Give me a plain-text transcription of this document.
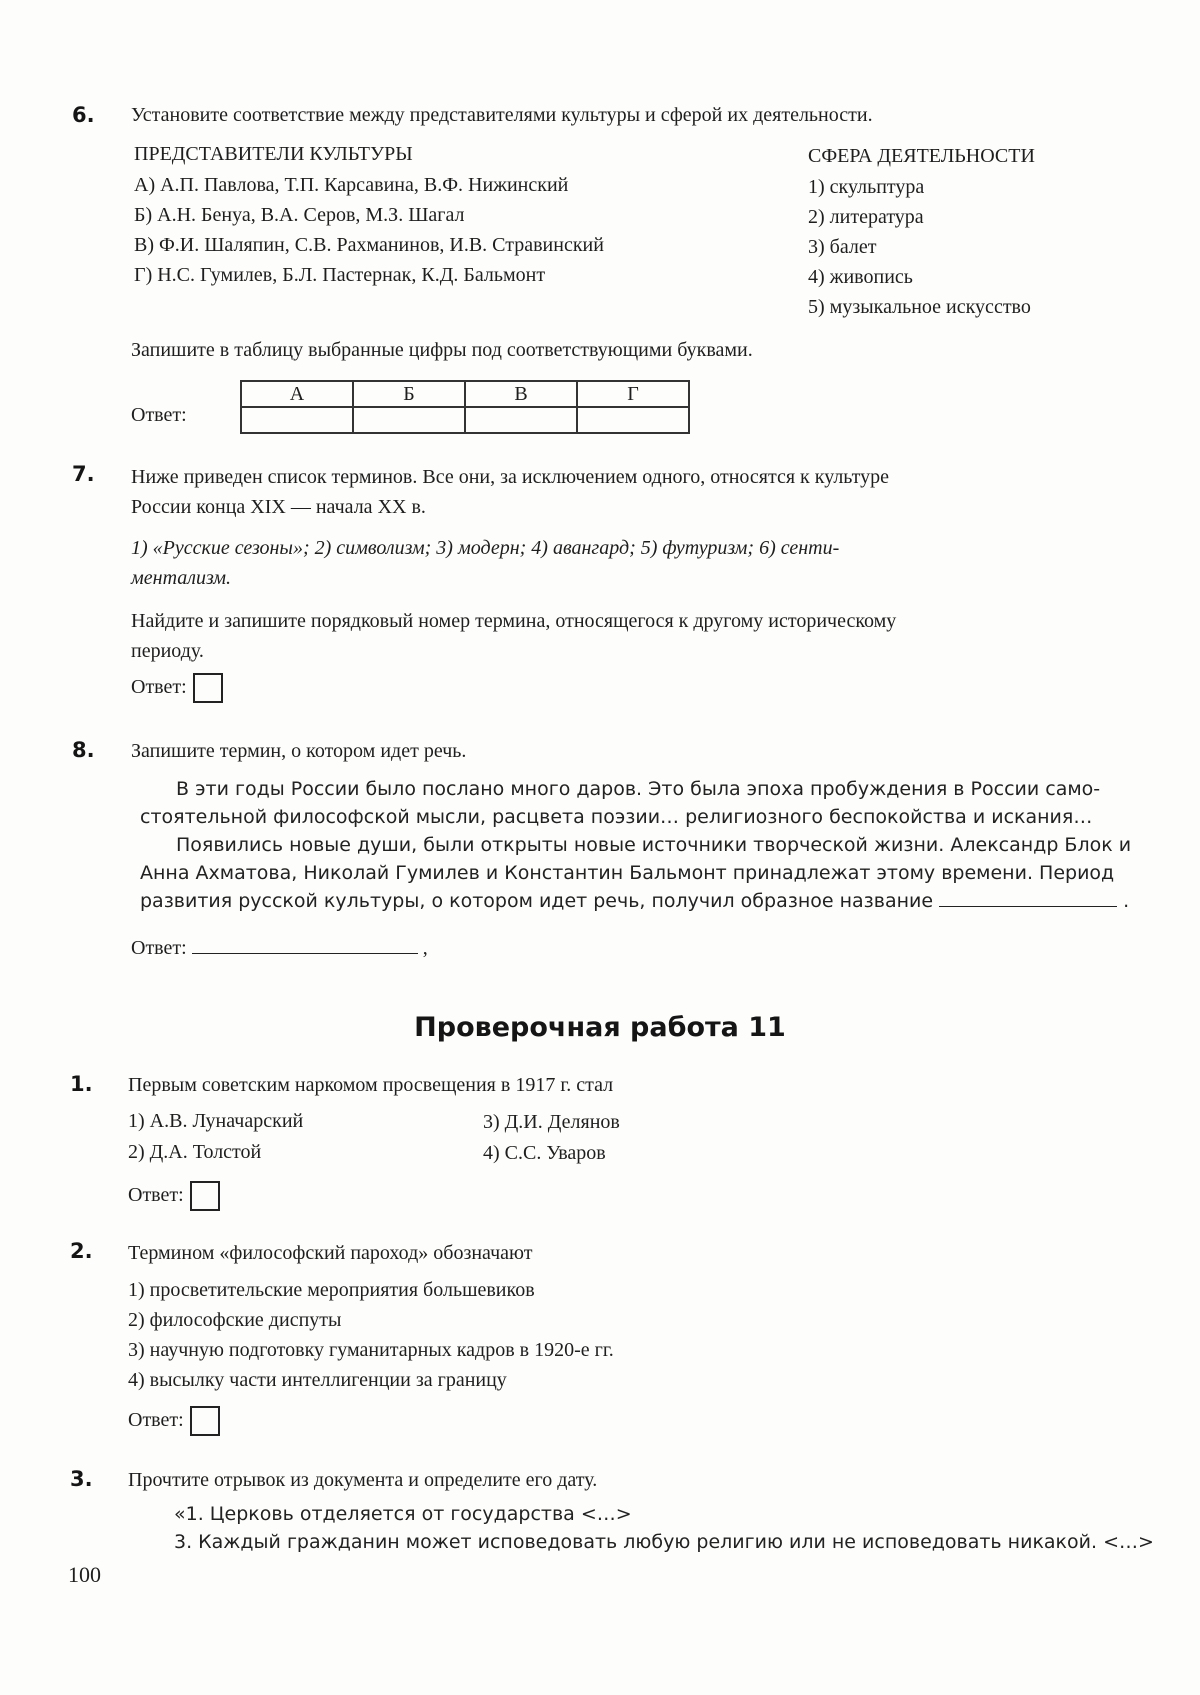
6. Установите соответствие между представителями культуры и сферой их деятельности.
ПРЕДСТАВИТЕЛИ КУЛЬТУРЫ	СФЕРА ДЕЯТЕЛЬНОСТИ
А) А.П. Павлова, Т.П. Карсавина, В.Ф. Нижинский
Б) А.Н. Бенуа, В.А. Серов, М.З. Шагал
В) Ф.И. Шаляпин, С.В. Рахманинов, И.В. Стравинский
Г) Н.С. Гумилев, Б.Л. Пастернак, К.Д. Бальмонт
1) скульптура
2) литература
3) балет
4) живопись
5) музыкальное искусство
Запишите в таблицу выбранные цифры под соответствующими буквами.
Ответ:
А	Б	В	Г

7. Ниже приведен список терминов. Все они, за исключением одного, относятся к культуре
России конца XIX — начала XX в.
1) «Русские сезоны»; 2) символизм; 3) модерн; 4) авангард; 5) футуризм; 6) сенти-
ментализм.
Найдите и запишите порядковый номер термина, относящегося к другому историческому
периоду.
Ответ:
8. Запишите термин, о котором идет речь.
В эти годы России было послано много даров. Это была эпоха пробуждения в России само-
стоятельной философской мысли, расцвета поэзии… религиозного беспокойства и искания…
Появились новые души, были открыты новые источники творческой жизни. Александр Блок и
Анна Ахматова, Николай Гумилев и Константин Бальмонт принадлежат этому времени. Период
развития русской культуры, о котором идет речь, получил образное название	.
Ответ:	,
Проверочная работа 11
1. Первым советским наркомом просвещения в 1917 г. стал
1) А.В. Луначарский
2) Д.А. Толстой
3) Д.И. Делянов
4) С.С. Уваров
Ответ:
2. Термином «философский пароход» обозначают
1) просветительские мероприятия большевиков
2) философские диспуты
3) научную подготовку гуманитарных кадров в 1920-е гг.
4) высылку части интеллигенции за границу
Ответ:
3. Прочтите отрывок из документа и определите его дату.
«1. Церковь отделяется от государства <…>
3. Каждый гражданин может исповедовать любую религию или не исповедовать никакой. <…>
100
